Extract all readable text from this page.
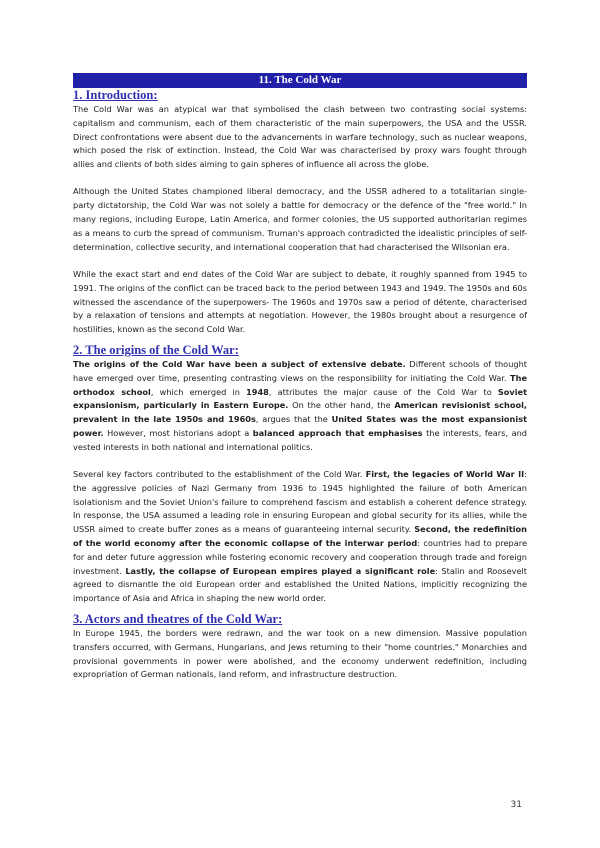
11. The Cold War
1. Introduction:

The Cold War was an atypical war that symbolised the clash between two contrasting social systems: capitalism and communism, each of them characteristic of the main superpowers, the USA and the USSR. Direct confrontations were absent due to the advancements in warfare technology, such as nuclear weapons, which posed the risk of extinction. Instead, the Cold War was characterised by proxy wars fought through allies and clients of both sides aiming to gain spheres of influence all across the globe.

Although the United States championed liberal democracy, and the USSR adhered to a totalitarian single-party dictatorship, the Cold War was not solely a battle for democracy or the defence of the "free world." In many regions, including Europe, Latin America, and former colonies, the US supported authoritarian regimes as a means to curb the spread of communism. Truman's approach contradicted the idealistic principles of self-determination, collective security, and international cooperation that had characterised the Wilsonian era.

While the exact start and end dates of the Cold War are subject to debate, it roughly spanned from 1945 to 1991. The origins of the conflict can be traced back to the period between 1943 and 1949. The 1950s and 60s witnessed the ascendance of the superpowers- The 1960s and 1970s saw a period of détente, characterised by a relaxation of tensions and attempts at negotiation. However, the 1980s brought about a resurgence of hostilities, known as the second Cold War.

2. The origins of the Cold War:

The origins of the Cold War have been a subject of extensive debate. Different schools of thought have emerged over time, presenting contrasting views on the responsibility for initiating the Cold War. The orthodox school, which emerged in 1948, attributes the major cause of the Cold War to Soviet expansionism, particularly in Eastern Europe. On the other hand, the American revisionist school, prevalent in the late 1950s and 1960s, argues that the United States was the most expansionist power. However, most historians adopt a balanced approach that emphasises the interests, fears, and vested interests in both national and international politics.

Several key factors contributed to the establishment of the Cold War. First, the legacies of World War II: the aggressive policies of Nazi Germany from 1936 to 1945 highlighted the failure of both American isolationism and the Soviet Union's failure to comprehend fascism and establish a coherent defence strategy. In response, the USA assumed a leading role in ensuring European and global security for its allies, while the USSR aimed to create buffer zones as a means of guaranteeing internal security. Second, the redefinition of the world economy after the economic collapse of the interwar period: countries had to prepare for and deter future aggression while fostering economic recovery and cooperation through trade and foreign investment. Lastly, the collapse of European empires played a significant role: Stalin and Roosevelt agreed to dismantle the old European order and established the United Nations, implicitly recognizing the importance of Asia and Africa in shaping the new world order.

3. Actors and theatres of the Cold War:

In Europe 1945, the borders were redrawn, and the war took on a new dimension. Massive population transfers occurred, with Germans, Hungarians, and Jews returning to their "home countries." Monarchies and provisional governments in power were abolished, and the economy underwent redefinition, including expropriation of German nationals, land reform, and infrastructure destruction.

31
